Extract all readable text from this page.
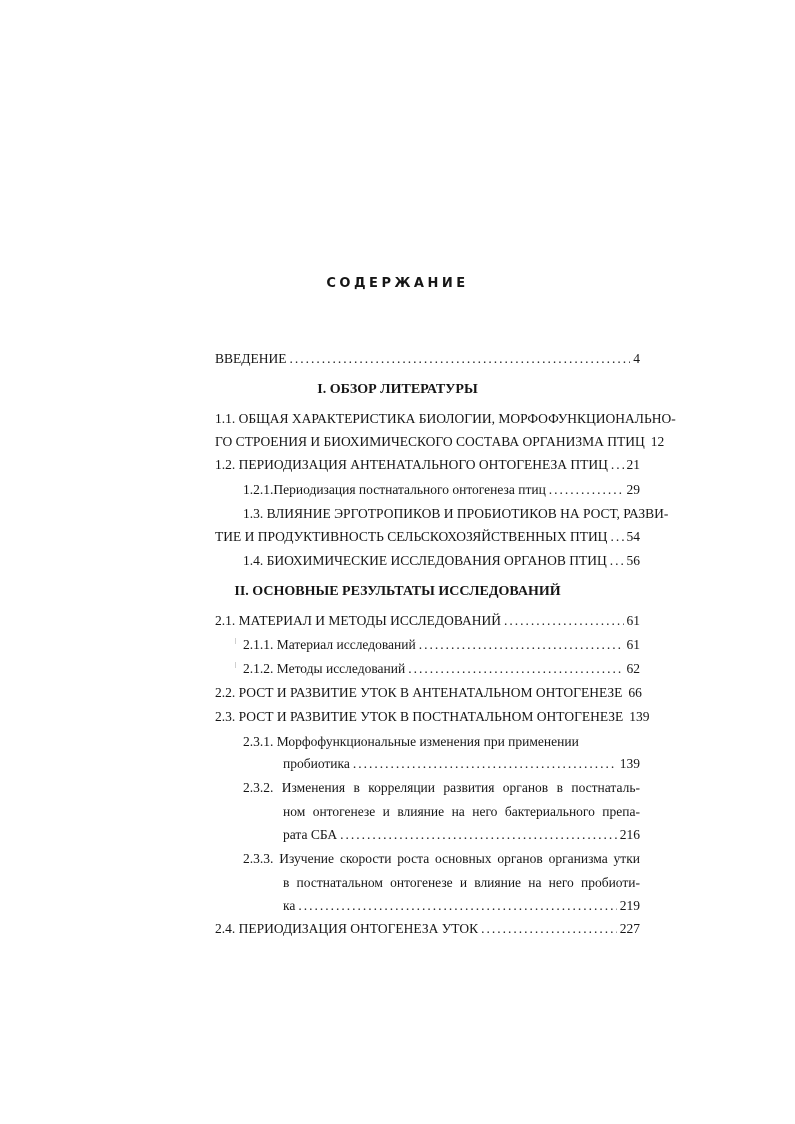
СОДЕРЖАНИЕ
ВВЕДЕНИЕ .....	4
I. ОБЗОР ЛИТЕРАТУРЫ
1.1. ОБЩАЯ ХАРАКТЕРИСТИКА БИОЛОГИИ, МОРФОФУНКЦИОНАЛЬНО-
ГО СТРОЕНИЯ И БИОХИМИЧЕСКОГО СОСТАВА ОРГАНИЗМА ПТИЦ 12
1.2. ПЕРИОДИЗАЦИЯ АНТЕНАТАЛЬНОГО ОНТОГЕНЕЗА ПТИЦ ..... 21
1.2.1.Периодизация постнатального онтогенеза птиц .....	29
1.3. ВЛИЯНИЕ ЭРГОТРОПИКОВ И ПРОБИОТИКОВ НА РОСТ, РАЗВИ-
ТИЕ И ПРОДУКТИВНОСТЬ СЕЛЬСКОХОЗЯЙСТВЕННЫХ ПТИЦ ..... 54
1.4. БИОХИМИЧЕСКИЕ ИССЛЕДОВАНИЯ ОРГАНОВ ПТИЦ ..... 56
II. ОСНОВНЫЕ РЕЗУЛЬТАТЫ ИССЛЕДОВАНИЙ
2.1. МАТЕРИАЛ И МЕТОДЫ ИССЛЕДОВАНИЙ .....	61
2.1.1. Материал исследований .....	61
2.1.2. Методы исследований .....	62
2.2. РОСТ И РАЗВИТИЕ УТОК В АНТЕНАТАЛЬНОМ ОНТОГЕНЕЗЕ 66
2.3. РОСТ И РАЗВИТИЕ УТОК В ПОСТНАТАЛЬНОМ ОНТОГЕНЕЗЕ 139
2.3.1. Морфофункциональные изменения при применении
пробиотика .....	139
2.3.2. Изменения в корреляции развития органов в постнаталь-
ном онтогенезе и влияние на него бактериального препа-
рата СБА .....	216
2.3.3. Изучение скорости роста основных органов организма утки
в постнатальном онтогенезе и влияние на него пробиоти-
ка .....	219
2.4. ПЕРИОДИЗАЦИЯ ОНТОГЕНЕЗА УТОК .....	227
